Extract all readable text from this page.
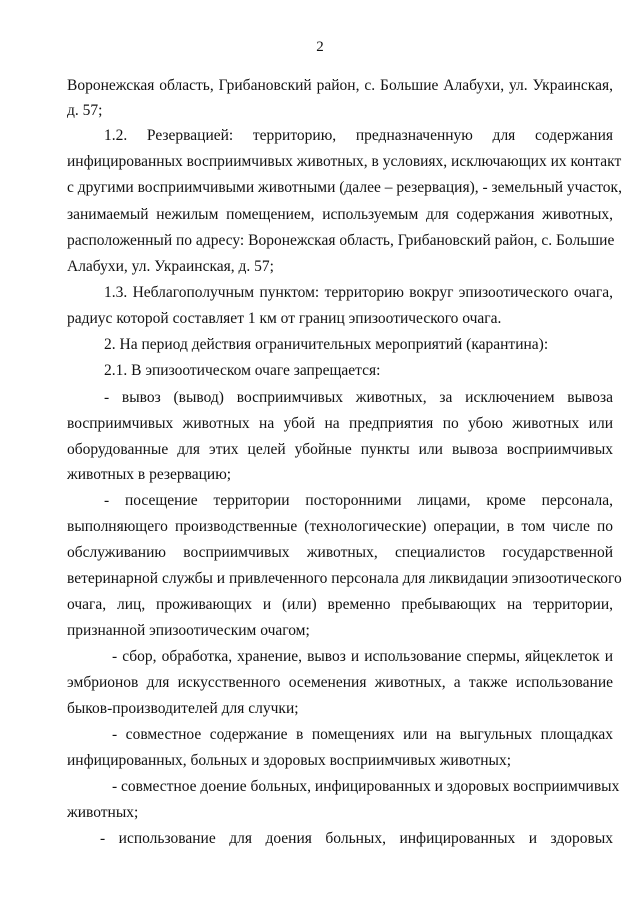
2
Воронежская область, Грибановский район, с. Большие Алабухи, ул. Украинская,
д. 57;
1.2. Резервацией: территорию, предназначенную для содержания
инфицированных восприимчивых животных, в условиях, исключающих их контакт
с другими восприимчивыми животными (далее – резервация), - земельный участок,
занимаемый нежилым помещением, используемым для содержания животных,
расположенный по адресу: Воронежская область, Грибановский район, с. Большие
Алабухи, ул. Украинская, д. 57;
1.3. Неблагополучным пунктом: территорию вокруг эпизоотического очага,
радиус которой составляет 1 км от границ эпизоотического очага.
2. На период действия ограничительных мероприятий (карантина):
2.1. В эпизоотическом очаге запрещается:
- вывоз (вывод) восприимчивых животных, за исключением вывоза
восприимчивых животных на убой на предприятия по убою животных или
оборудованные для этих целей убойные пункты или вывоза восприимчивых
животных в резервацию;
- посещение территории посторонними лицами, кроме персонала,
выполняющего производственные (технологические) операции, в том числе по
обслуживанию восприимчивых животных, специалистов государственной
ветеринарной службы и привлеченного персонала для ликвидации эпизоотического
очага, лиц, проживающих и (или) временно пребывающих на территории,
признанной эпизоотическим очагом;
- сбор, обработка, хранение, вывоз и использование спермы, яйцеклеток и
эмбрионов для искусственного осеменения животных, а также использование
быков-производителей для случки;
- совместное содержание в помещениях или на выгульных площадках
инфицированных, больных и здоровых восприимчивых животных;
- совместное доение больных, инфицированных и здоровых восприимчивых
животных;
- использование для доения больных, инфицированных и здоровых
